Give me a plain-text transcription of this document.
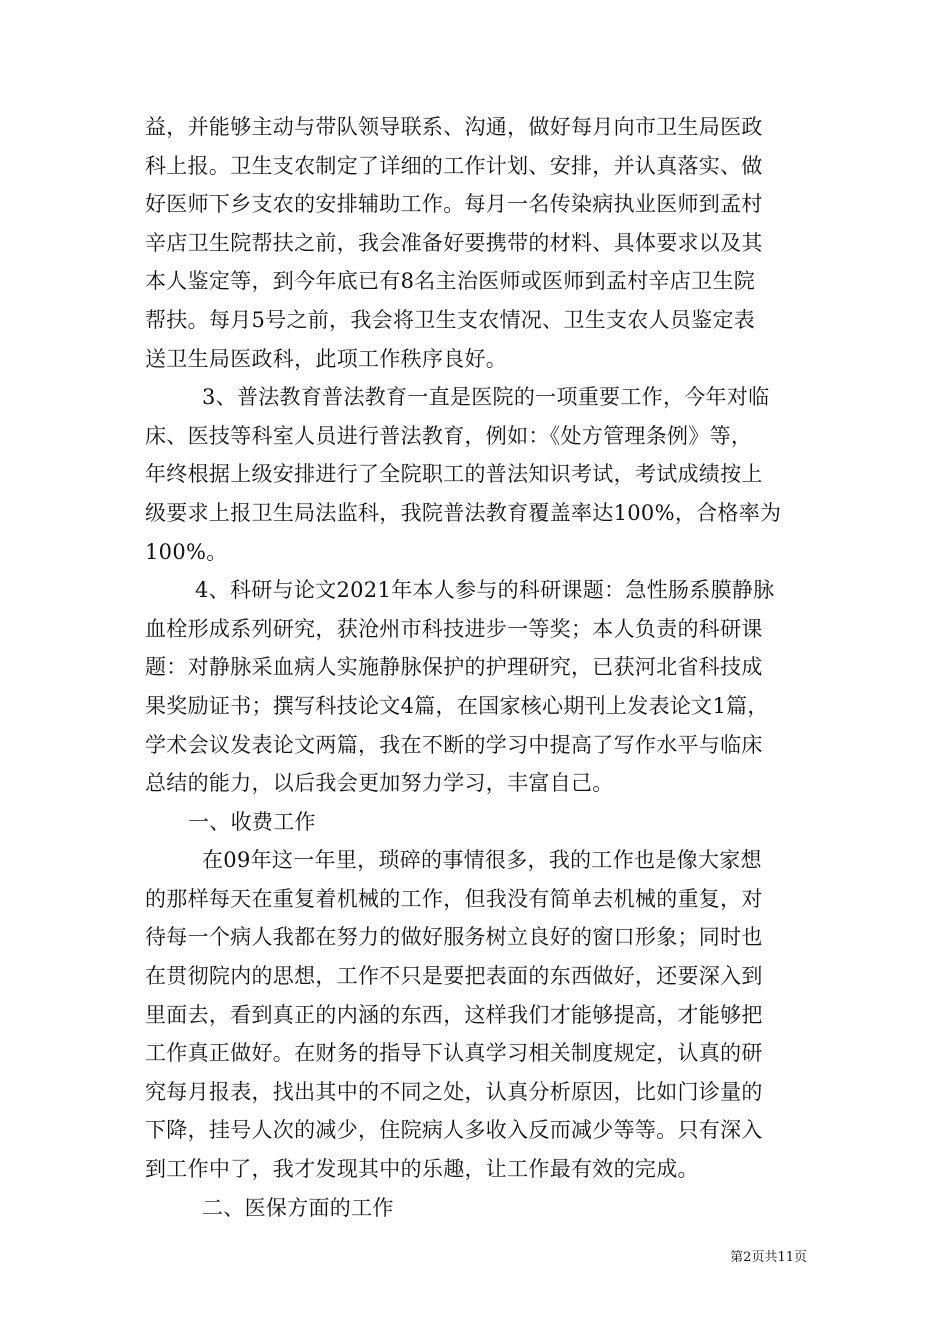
益，并能够主动与带队领导联系、沟通，做好每月向市卫生局医政
科上报。卫生支农制定了详细的工作计划、安排，并认真落实、做
好医师下乡支农的安排辅助工作。每月一名传染病执业医师到孟村
辛店卫生院帮扶之前，我会准备好要携带的材料、具体要求以及其
本人鉴定等，到今年底已有8名主治医师或医师到孟村辛店卫生院
帮扶。每月5号之前，我会将卫生支农情况、卫生支农人员鉴定表
送卫生局医政科，此项工作秩序良好。
3、普法教育普法教育一直是医院的一项重要工作，今年对临
床、医技等科室人员进行普法教育，例如：《处方管理条例》等，
年终根据上级安排进行了全院职工的普法知识考试，考试成绩按上
级要求上报卫生局法监科，我院普法教育覆盖率达100%，合格率为
100%。
4、科研与论文2021年本人参与的科研课题：急性肠系膜静脉
血栓形成系列研究，获沧州市科技进步一等奖；本人负责的科研课
题：对静脉采血病人实施静脉保护的护理研究，已获河北省科技成
果奖励证书；撰写科技论文4篇，在国家核心期刊上发表论文1篇，
学术会议发表论文两篇，我在不断的学习中提高了写作水平与临床
总结的能力，以后我会更加努力学习，丰富自己。
一、收费工作
在09年这一年里，琐碎的事情很多，我的工作也是像大家想
的那样每天在重复着机械的工作，但我没有简单去机械的重复，对
待每一个病人我都在努力的做好服务树立良好的窗口形象；同时也
在贯彻院内的思想，工作不只是要把表面的东西做好，还要深入到
里面去，看到真正的内涵的东西，这样我们才能够提高，才能够把
工作真正做好。在财务的指导下认真学习相关制度规定，认真的研
究每月报表，找出其中的不同之处，认真分析原因，比如门诊量的
下降，挂号人次的减少，住院病人多收入反而减少等等。只有深入
到工作中了，我才发现其中的乐趣，让工作最有效的完成。
二、医保方面的工作
第2页共11页
